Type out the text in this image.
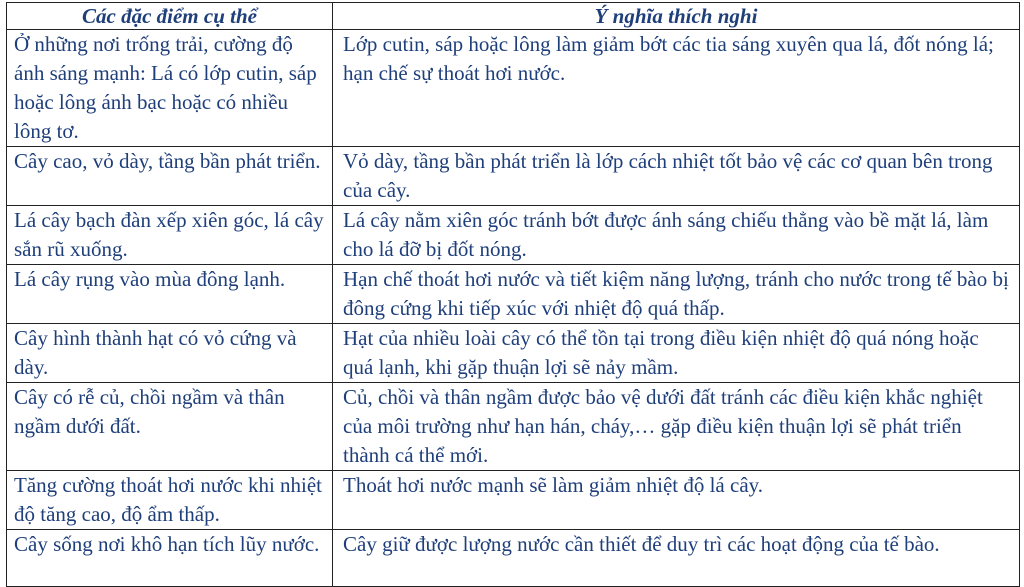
Các đặc điểm cụ thể	Ý nghĩa thích nghi
Ở những nơi trống trải, cường độ ánh sáng mạnh: Lá có lớp cutin, sáp hoặc lông ánh bạc hoặc có nhiều lông tơ.	Lớp cutin, sáp hoặc lông làm giảm bớt các tia sáng xuyên qua lá, đốt nóng lá; hạn chế sự thoát hơi nước.
Cây cao, vỏ dày, tầng bần phát triển.	Vỏ dày, tầng bần phát triển là lớp cách nhiệt tốt bảo vệ các cơ quan bên trong của cây.
Lá cây bạch đàn xếp xiên góc, lá cây sắn rũ xuống.	Lá cây nằm xiên góc tránh bớt được ánh sáng chiếu thẳng vào bề mặt lá, làm cho lá đỡ bị đốt nóng.
Lá cây rụng vào mùa đông lạnh.	Hạn chế thoát hơi nước và tiết kiệm năng lượng, tránh cho nước trong tế bào bị đông cứng khi tiếp xúc với nhiệt độ quá thấp.
Cây hình thành hạt có vỏ cứng và dày.	Hạt của nhiều loài cây có thể tồn tại trong điều kiện nhiệt độ quá nóng hoặc quá lạnh, khi gặp thuận lợi sẽ nảy mầm.
Cây có rễ củ, chồi ngầm và thân ngầm dưới đất.	Củ, chồi và thân ngầm được bảo vệ dưới đất tránh các điều kiện khắc nghiệt của môi trường như hạn hán, cháy,… gặp điều kiện thuận lợi sẽ phát triển thành cá thể mới.
Tăng cường thoát hơi nước khi nhiệt độ tăng cao, độ ẩm thấp.	Thoát hơi nước mạnh sẽ làm giảm nhiệt độ lá cây.
Cây sống nơi khô hạn tích lũy nước.	Cây giữ được lượng nước cần thiết để duy trì các hoạt động của tế bào.
